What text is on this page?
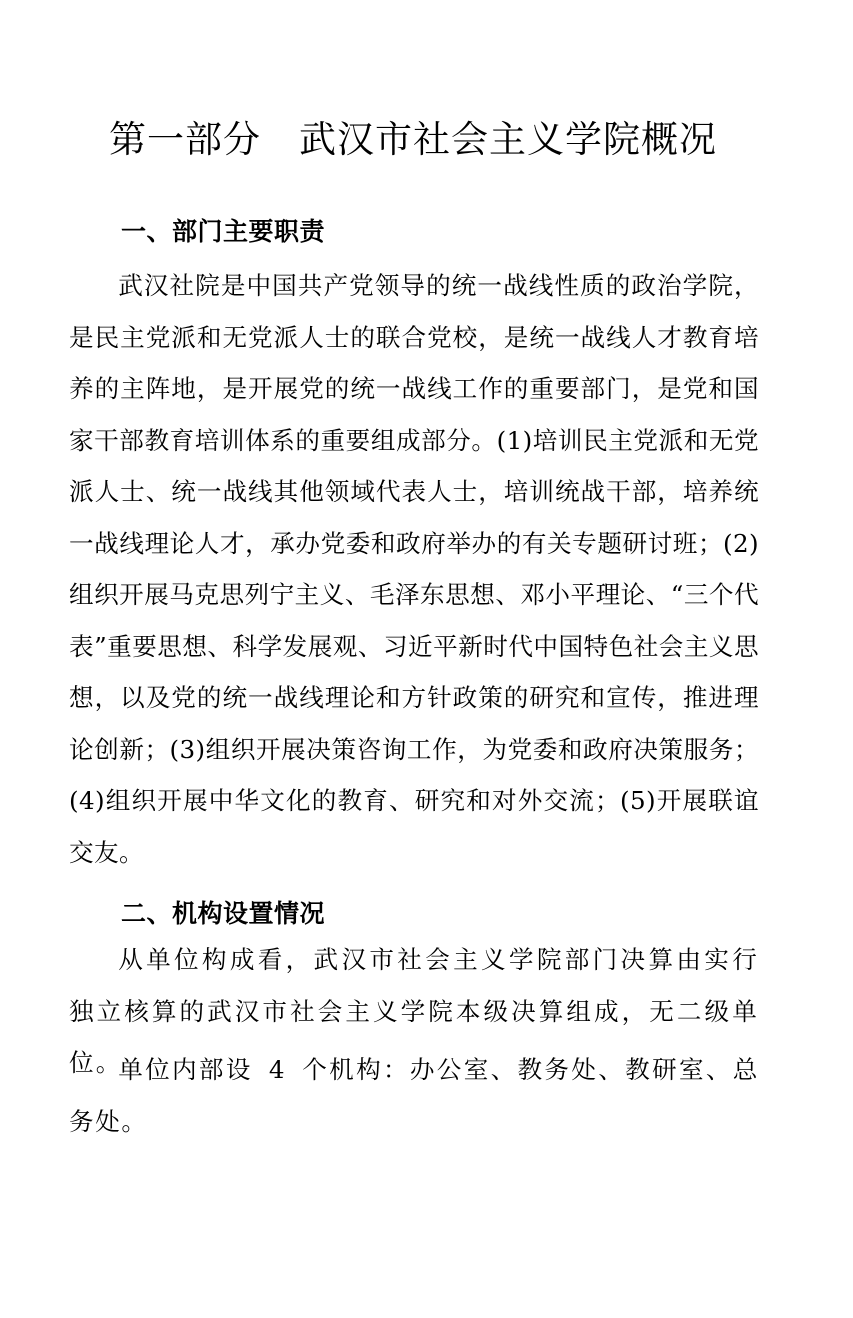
第一部分　武汉市社会主义学院概况
一、部门主要职责

武汉社院是中国共产党领导的统一战线性质的政治学院，是民主党派和无党派人士的联合党校，是统一战线人才教育培养的主阵地，是开展党的统一战线工作的重要部门，是党和国家干部教育培训体系的重要组成部分。(1)培训民主党派和无党派人士、统一战线其他领域代表人士，培训统战干部，培养统一战线理论人才，承办党委和政府举办的有关专题研讨班；(2)组织开展马克思列宁主义、毛泽东思想、邓小平理论、“三个代表”重要思想、科学发展观、习近平新时代中国特色社会主义思想，以及党的统一战线理论和方针政策的研究和宣传，推进理论创新；(3)组织开展决策咨询工作，为党委和政府决策服务；(4)组织开展中华文化的教育、研究和对外交流；(5)开展联谊交友。

二、机构设置情况

从单位构成看，武汉市社会主义学院部门决算由实行独立核算的武汉市社会主义学院本级决算组成，无二级单位。

单位内部设 4 个机构：办公室、教务处、教研室、总务处。
